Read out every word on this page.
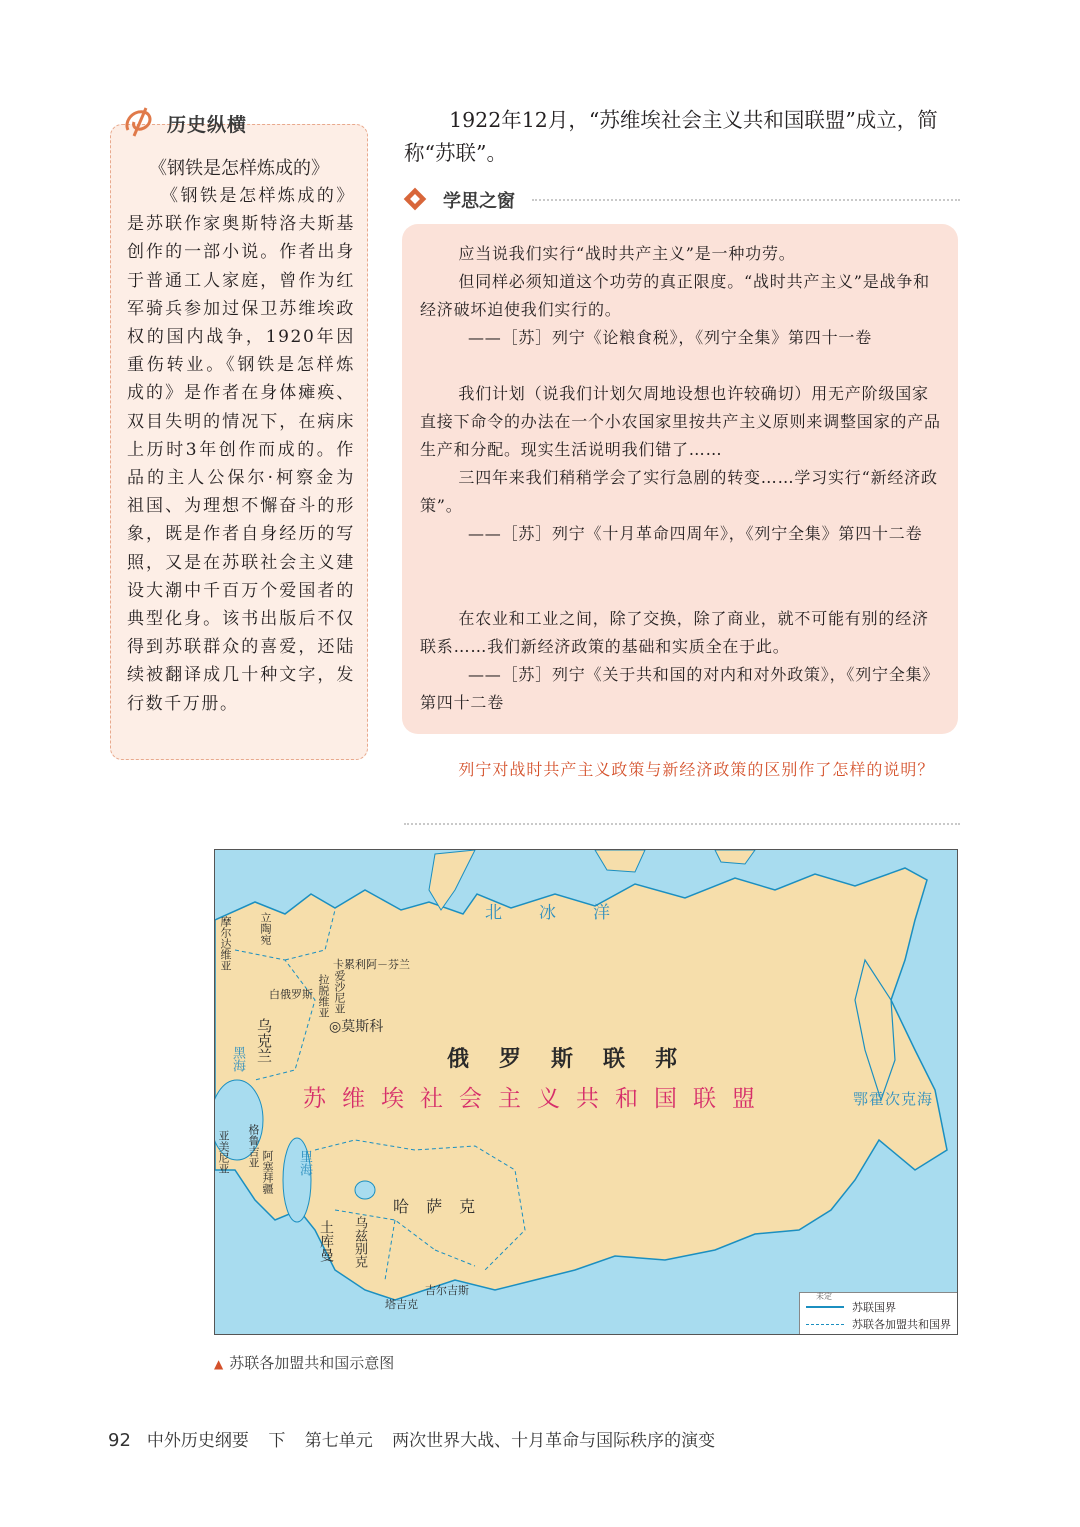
历史纵横
《钢铁是怎样炼成的》
《钢铁是怎样炼成的》是苏联作家奥斯特洛夫斯基创作的一部小说。作者出身于普通工人家庭，曾作为红军骑兵参加过保卫苏维埃政权的国内战争，1920年因重伤转业。《钢铁是怎样炼成的》是作者在身体瘫痪、双目失明的情况下，在病床上历时3年创作而成的。作品的主人公保尔·柯察金为祖国、为理想不懈奋斗的形象，既是作者自身经历的写照，又是在苏联社会主义建设大潮中千百万个爱国者的典型化身。该书出版后不仅得到苏联群众的喜爱，还陆续被翻译成几十种文字，发行数千万册。
1922年12月，“苏维埃社会主义共和国联盟”成立，简称“苏联”。
学思之窗

应当说我们实行“战时共产主义”是一种功劳。

但同样必须知道这个功劳的真正限度。“战时共产主义”是战争和经济破坏迫使我们实行的。

——［苏］列宁《论粮食税》，《列宁全集》第四十一卷

我们计划（说我们计划欠周地设想也许较确切）用无产阶级国家直接下命令的办法在一个小农国家里按共产主义原则来调整国家的产品生产和分配。现实生活说明我们错了……

三四年来我们稍稍学会了实行急剧的转变……学习实行“新经济政策”。

——［苏］列宁《十月革命四周年》，《列宁全集》第四十二卷

在农业和工业之间，除了交换，除了商业，就不可能有别的经济联系……我们新经济政策的基础和实质全在于此。

——［苏］列宁《关于共和国的对内和对外政策》，《列宁全集》第四十二卷

列宁对战时共产主义政策与新经济政策的区别作了怎样的说明？
北　　冰　　洋
鄂霍次克海
俄罗斯联邦
苏维埃社会主义共和国联盟
◎莫斯科
哈 萨 克
立陶宛
摩尔达维亚	卡累利阿－芬兰
爱沙尼亚
拉脱维亚
白俄罗斯
乌克兰
黑海
里海
格鲁吉亚
亚美尼亚	阿塞拜疆
土库曼 乌兹别克
吉尔吉斯
塔吉克	苏联国界
苏联各加盟共和国界
未定
▲ 苏联各加盟共和国示意图
92 中外历史纲要 下 第七单元 两次世界大战、十月革命与国际秩序的演变
